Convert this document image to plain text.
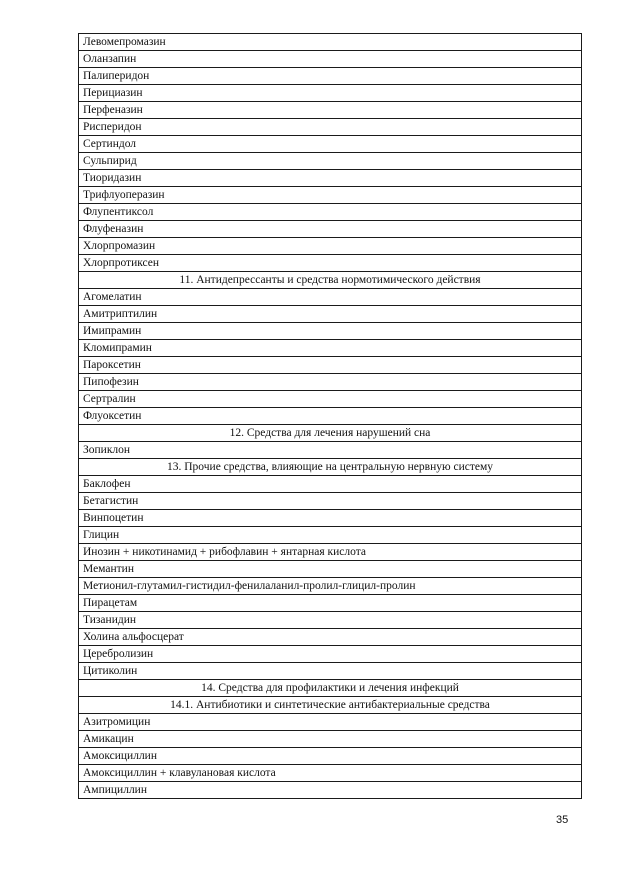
Левомепромазин
Оланзапин
Палиперидон
Перициазин
Перфеназин
Рисперидон
Сертиндол
Сульпирид
Тиоридазин
Трифлуоперазин
Флупентиксол
Флуфеназин
Хлорпромазин
Хлорпротиксен
11. Антидепрессанты и средства нормотимического действия
Агомелатин
Амитриптилин
Имипрамин
Кломипрамин
Пароксетин
Пипофезин
Сертралин
Флуоксетин
12. Средства для лечения нарушений сна
Зопиклон
13. Прочие средства, влияющие на центральную нервную систему
Баклофен
Бетагистин
Винпоцетин
Глицин
Инозин + никотинамид + рибофлавин + янтарная кислота
Мемантин
Метионил-глутамил-гистидил-фенилаланил-пролил-глицил-пролин
Пирацетам
Тизанидин
Холина альфосцерат
Церебролизин
Цитиколин
14. Средства для профилактики и лечения инфекций
14.1. Антибиотики и синтетические антибактериальные средства
Азитромицин
Амикацин
Амоксициллин
Амоксициллин + клавулановая кислота
Ампициллин
35
